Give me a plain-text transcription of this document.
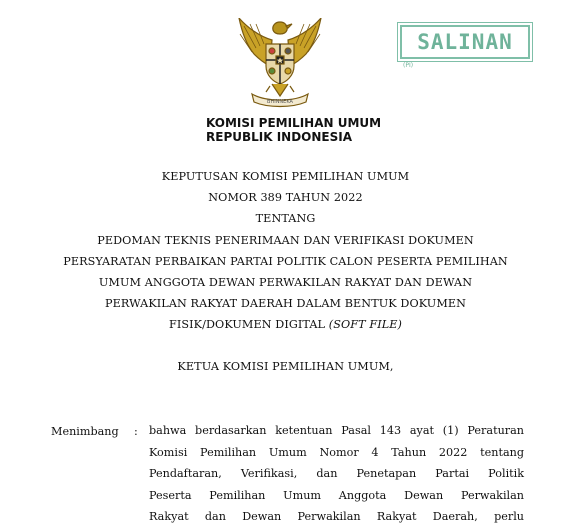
BHINNEKA
SALINAN
(PI)
KOMISI PEMILIHAN UMUM
REPUBLIK INDONESIA
KEPUTUSAN KOMISI PEMILIHAN UMUM
NOMOR 389 TAHUN 2022
TENTANG
PEDOMAN TEKNIS PENERIMAAN DAN VERIFIKASI DOKUMEN
PERSYARATAN PERBAIKAN PARTAI POLITIK CALON PESERTA PEMILIHAN
UMUM ANGGOTA DEWAN PERWAKILAN RAKYAT DAN DEWAN
PERWAKILAN RAKYAT DAERAH DALAM BENTUK DOKUMEN
FISIK/DOKUMEN DIGITAL (SOFT FILE)
KETUA KOMISI PEMILIHAN UMUM,
Menimbang : bahwa berdasarkan ketentuan Pasal 143 ayat (1) Peraturan
Komisi Pemilihan Umum Nomor 4 Tahun 2022 tentang
Pendaftaran, Verifikasi, dan Penetapan Partai Politik
Peserta Pemilihan Umum Anggota Dewan Perwakilan
Rakyat dan Dewan Perwakilan Rakyat Daerah, perlu
